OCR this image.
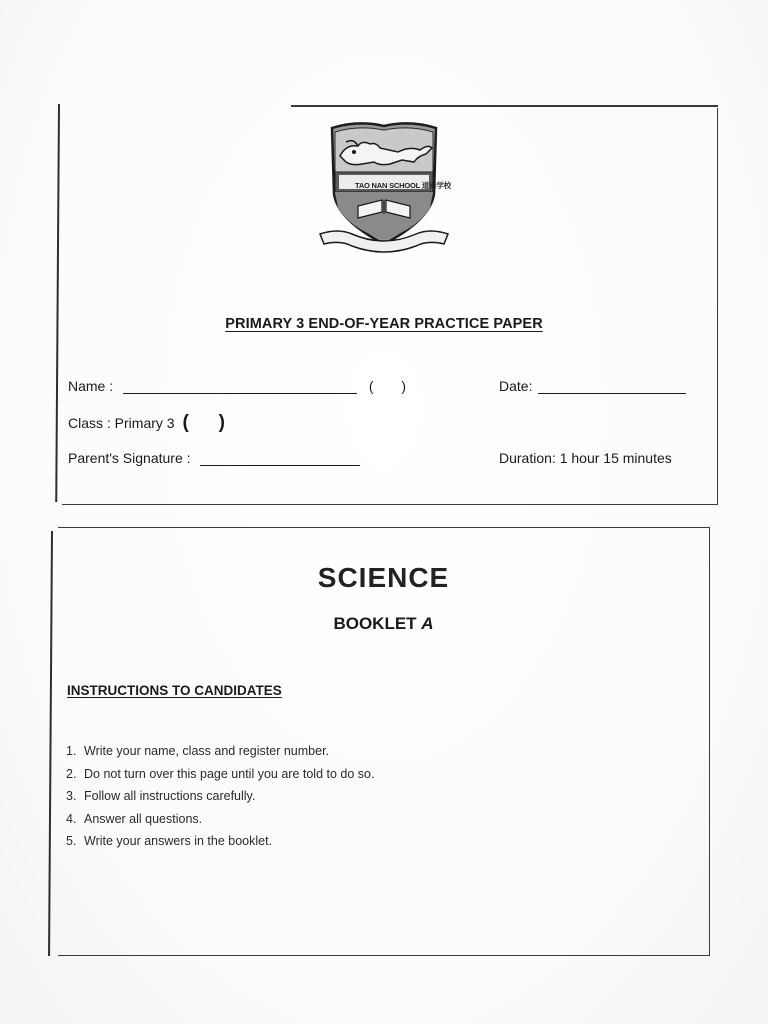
TAO NAN SCHOOL 道南学校
PRIMARY 3 END-OF-YEAR PRACTICE PAPER
Name :	( )	Date:
Class : Primary 3 ( )
Parent's Signature :	Duration: 1 hour 15 minutes
SCIENCE
BOOKLET A
INSTRUCTIONS TO CANDIDATES
1. Write your name, class and register number.
2. Do not turn over this page until you are told to do so.
3. Follow all instructions carefully.
4. Answer all questions.
5. Write your answers in the booklet.
